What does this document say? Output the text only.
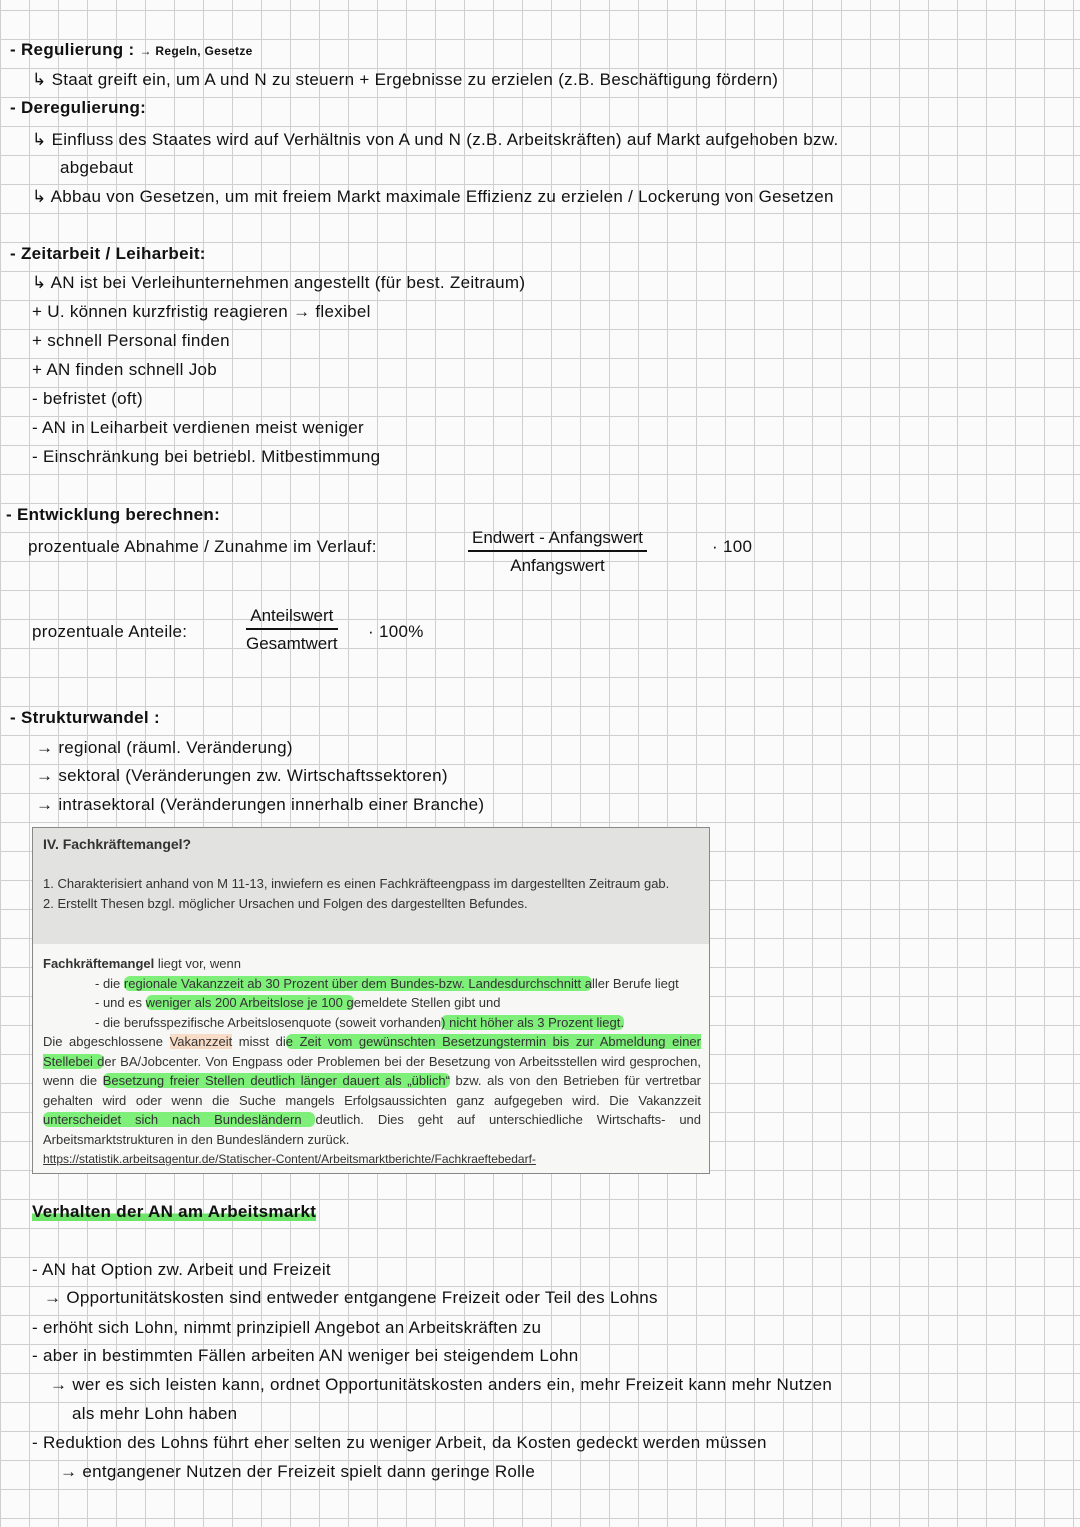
- Regulierung : → Regeln, Gesetze
↳ Staat greift ein, um A und N zu steuern + Ergebnisse zu erzielen (z.B. Beschäftigung fördern)
- Deregulierung:
↳ Einfluss des Staates wird auf Verhältnis von A und N (z.B. Arbeitskräften) auf Markt aufgehoben bzw.
abgebaut
↳ Abbau von Gesetzen, um mit freiem Markt maximale Effizienz zu erzielen / Lockerung von Gesetzen
- Zeitarbeit / Leiharbeit:
↳ AN ist bei Verleihunternehmen angestellt (für best. Zeitraum)
+ U. können kurzfristig reagieren → flexibel
+ schnell Personal finden
+ AN finden schnell Job
- befristet (oft)
- AN in Leiharbeit verdienen meist weniger
- Einschränkung bei betriebl. Mitbestimmung
- Entwicklung berechnen:
prozentuale Abnahme / Zunahme im Verlauf:	Endwert - Anfangswert
Anfangswert
· 100
prozentuale Anteile:
Anteilswert
Gesamtwert
· 100%
- Strukturwandel :
→ regional (räuml. Veränderung)
→ sektoral (Veränderungen zw. Wirtschaftssektoren)
→ intrasektoral (Veränderungen innerhalb einer Branche)
IV. Fachkräftemangel?

1. Charakterisiert anhand von M 11-13, inwiefern es einen Fachkräfteengpass im dargestellten Zeitraum gab.

2. Erstellt Thesen bzgl. möglicher Ursachen und Folgen des dargestellten Befundes.

Fachkräftemangel liegt vor, wenn
- die regionale Vakanzzeit ab 30 Prozent über dem Bundes-bzw. Landesdurchschnitt aller Berufe liegt
- und es weniger als 200 Arbeitslose je 100 gemeldete Stellen gibt und
- die berufsspezifische Arbeitslosenquote (soweit vorhanden) nicht höher als 3 Prozent liegt.
Die abgeschlossene Vakanzzeit misst die Zeit vom gewünschten Besetzungstermin bis zur Abmeldung einer Stellebei der BA/Jobcenter. Von Engpass oder Problemen bei der Besetzung von Arbeitsstellen wird gesprochen, wenn die Besetzung freier Stellen deutlich länger dauert als „üblich“ bzw. als von den Betrieben für vertretbar gehalten wird oder wenn die Suche mangels Erfolgsaussichten ganz aufgegeben wird. Die Vakanzzeit unterscheidet sich nach Bundesländern deutlich. Dies geht auf unterschiedliche Wirtschafts- und Arbeitsmarktstrukturen in den Bundesländern zurück.
https://statistik.arbeitsagentur.de/Statischer-Content/Arbeitsmarktberichte/Fachkraeftebedarf-
Verhalten der AN am Arbeitsmarkt
- AN hat Option zw. Arbeit und Freizeit
→ Opportunitätskosten sind entweder entgangene Freizeit oder Teil des Lohns
- erhöht sich Lohn, nimmt prinzipiell Angebot an Arbeitskräften zu
- aber in bestimmten Fällen arbeiten AN weniger bei steigendem Lohn
→ wer es sich leisten kann, ordnet Opportunitätskosten anders ein, mehr Freizeit kann mehr Nutzen
als mehr Lohn haben
- Reduktion des Lohns führt eher selten zu weniger Arbeit, da Kosten gedeckt werden müssen
→ entgangener Nutzen der Freizeit spielt dann geringe Rolle
